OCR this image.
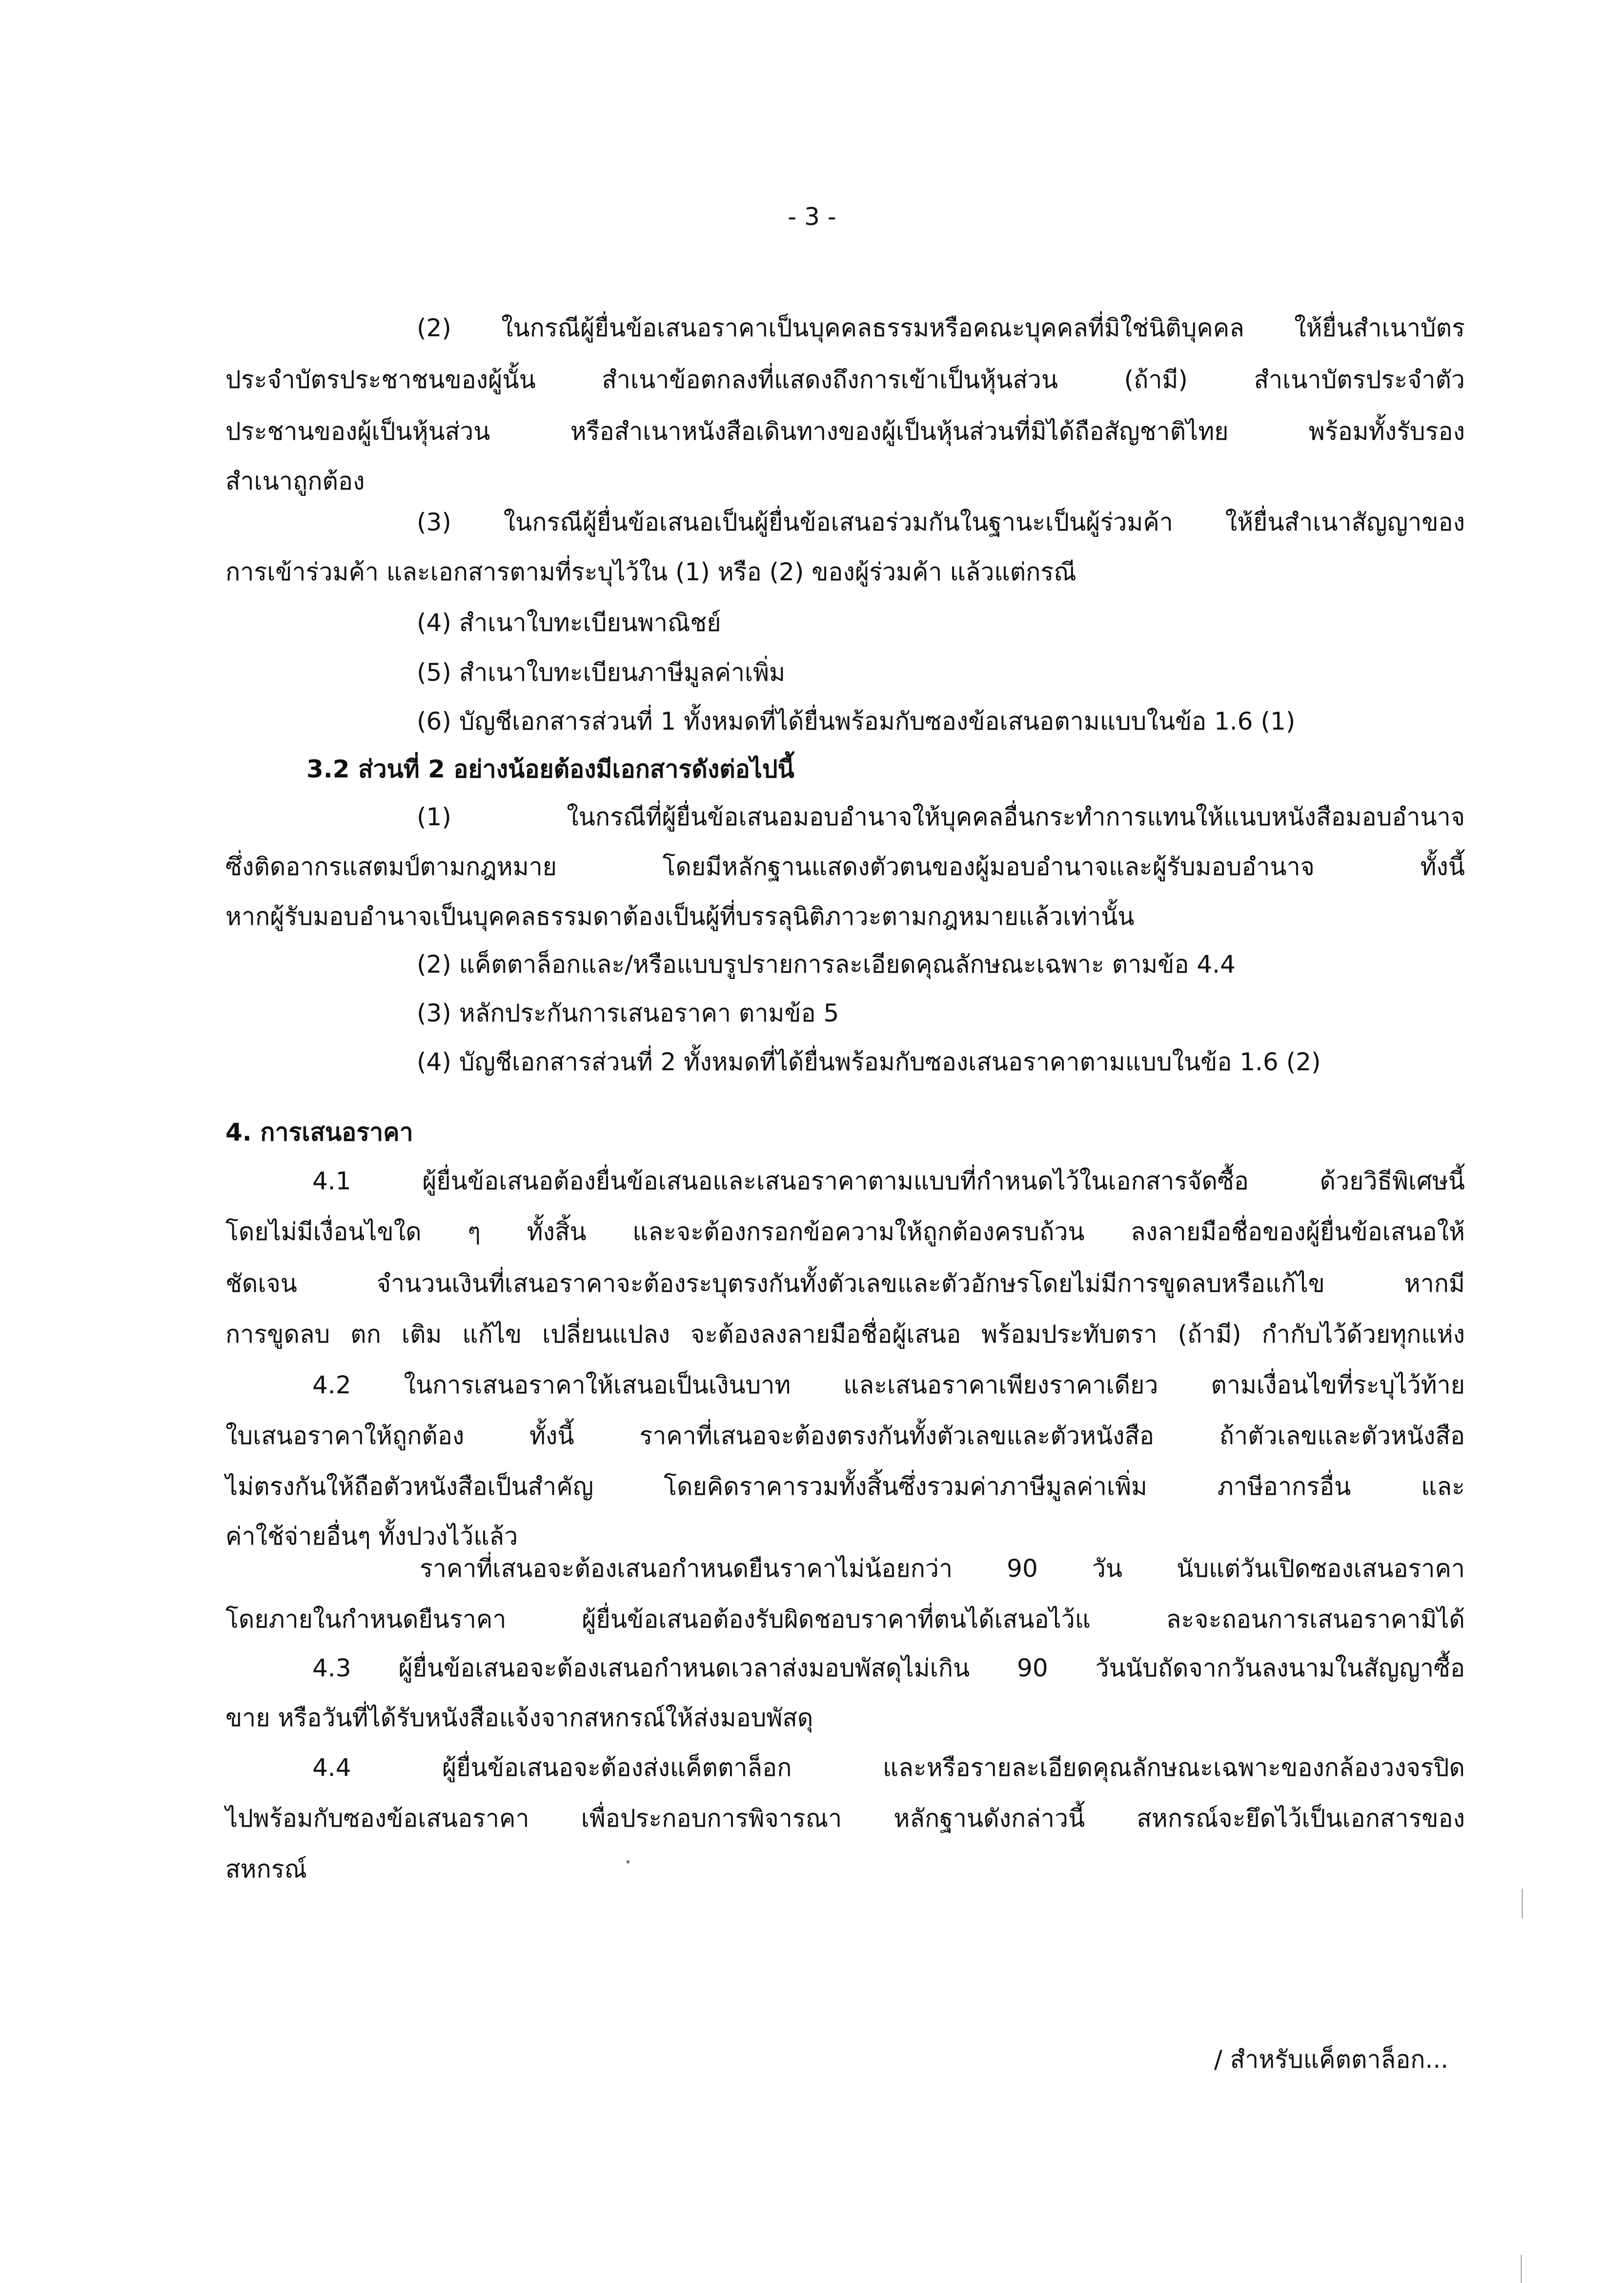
- 3 -
(2) ในกรณีผู้ยื่นข้อเสนอราคาเป็นบุคคลธรรมหรือคณะบุคคลที่มิใช่นิติบุคคล ให้ยื่นสำเนาบัตร
ประจำบัตรประชาชนของผู้นั้น สำเนาข้อตกลงที่แสดงถึงการเข้าเป็นหุ้นส่วน (ถ้ามี) สำเนาบัตรประจำตัว
ประชานของผู้เป็นหุ้นส่วน หรือสำเนาหนังสือเดินทางของผู้เป็นหุ้นส่วนที่มิได้ถือสัญชาติไทย พร้อมทั้งรับรอง
สำเนาถูกต้อง
(3) ในกรณีผู้ยื่นข้อเสนอเป็นผู้ยื่นข้อเสนอร่วมกันในฐานะเป็นผู้ร่วมค้า ให้ยื่นสำเนาสัญญาของ
การเข้าร่วมค้า และเอกสารตามที่ระบุไว้ใน (1) หรือ (2) ของผู้ร่วมค้า แล้วแต่กรณี
(4) สำเนาใบทะเบียนพาณิชย์
(5) สำเนาใบทะเบียนภาษีมูลค่าเพิ่ม
(6) บัญชีเอกสารส่วนที่ 1 ทั้งหมดที่ได้ยื่นพร้อมกับซองข้อเสนอตามแบบในข้อ 1.6 (1)
3.2 ส่วนที่ 2 อย่างน้อยต้องมีเอกสารดังต่อไปนี้
(1) ในกรณีที่ผู้ยื่นข้อเสนอมอบอำนาจให้บุคคลอื่นกระทำการแทนให้แนบหนังสือมอบอำนาจ
ซึ่งติดอากรแสตมป์ตามกฎหมาย โดยมีหลักฐานแสดงตัวตนของผู้มอบอำนาจและผู้รับมอบอำนาจ ทั้งนี้
หากผู้รับมอบอำนาจเป็นบุคคลธรรมดาต้องเป็นผู้ที่บรรลุนิติภาวะตามกฎหมายแล้วเท่านั้น
(2) แค็ตตาล็อกและ/หรือแบบรูปรายการละเอียดคุณลักษณะเฉพาะ ตามข้อ 4.4
(3) หลักประกันการเสนอราคา ตามข้อ 5
(4) บัญชีเอกสารส่วนที่ 2 ทั้งหมดที่ได้ยื่นพร้อมกับซองเสนอราคาตามแบบในข้อ 1.6 (2)
4. การเสนอราคา
4.1 ผู้ยื่นข้อเสนอต้องยื่นข้อเสนอและเสนอราคาตามแบบที่กำหนดไว้ในเอกสารจัดซื้อ ด้วยวิธีพิเศษนี้
โดยไม่มีเงื่อนไขใด ๆ ทั้งสิ้น และจะต้องกรอกข้อความให้ถูกต้องครบถ้วน ลงลายมือชื่อของผู้ยื่นข้อเสนอให้
ชัดเจน จำนวนเงินที่เสนอราคาจะต้องระบุตรงกันทั้งตัวเลขและตัวอักษรโดยไม่มีการขูดลบหรือแก้ไข หากมี
การขูดลบ ตก เติม แก้ไข เปลี่ยนแปลง จะต้องลงลายมือชื่อผู้เสนอ พร้อมประทับตรา (ถ้ามี) กำกับไว้ด้วยทุกแห่ง
4.2 ในการเสนอราคาให้เสนอเป็นเงินบาท และเสนอราคาเพียงราคาเดียว ตามเงื่อนไขที่ระบุไว้ท้าย
ใบเสนอราคาให้ถูกต้อง ทั้งนี้ ราคาที่เสนอจะต้องตรงกันทั้งตัวเลขและตัวหนังสือ ถ้าตัวเลขและตัวหนังสือ
ไม่ตรงกันให้ถือตัวหนังสือเป็นสำคัญ โดยคิดราคารวมทั้งสิ้นซึ่งรวมค่าภาษีมูลค่าเพิ่ม ภาษีอากรอื่น และ
ค่าใช้จ่ายอื่นๆ ทั้งปวงไว้แล้ว
ราคาที่เสนอจะต้องเสนอกำหนดยืนราคาไม่น้อยกว่า 90 วัน นับแต่วันเปิดซองเสนอราคา
โดยภายในกำหนดยืนราคา ผู้ยื่นข้อเสนอต้องรับผิดชอบราคาที่ตนได้เสนอไว้แ ละจะถอนการเสนอราคามิได้
4.3 ผู้ยื่นข้อเสนอจะต้องเสนอกำหนดเวลาส่งมอบพัสดุไม่เกิน 90 วันนับถัดจากวันลงนามในสัญญาซื้อ
ขาย หรือวันที่ได้รับหนังสือแจ้งจากสหกรณ์ให้ส่งมอบพัสดุ
4.4 ผู้ยื่นข้อเสนอจะต้องส่งแค็ตตาล็อก และหรือรายละเอียดคุณลักษณะเฉพาะของกล้องวงจรปิด
ไปพร้อมกับซองข้อเสนอราคา เพื่อประกอบการพิจารณา หลักฐานดังกล่าวนี้ สหกรณ์จะยึดไว้เป็นเอกสารของ
สหกรณ์
/ สำหรับแค็ตตาล็อก...
